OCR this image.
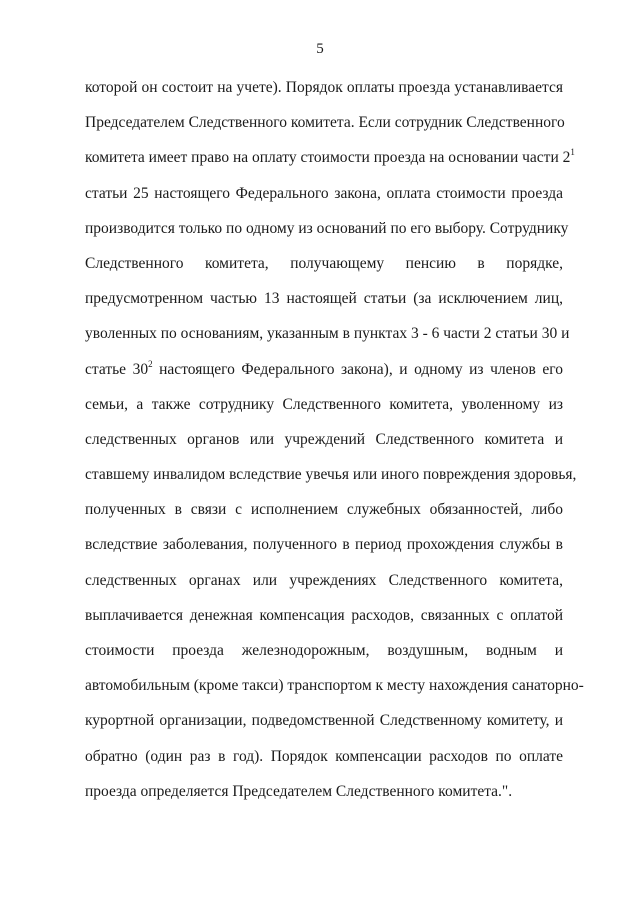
5
которой он состоит на учете). Порядок оплаты проезда устанавливается
Председателем Следственного комитета. Если сотрудник Следственного
комитета имеет право на оплату стоимости проезда на основании части $2^1$
статьи 25 настоящего Федерального закона, оплата стоимости проезда
производится только по одному из оснований по его выбору. Сотруднику
Следственного комитета, получающему пенсию в порядке,
предусмотренном частью 13 настоящей статьи (за исключением лиц,
уволенных по основаниям, указанным в пунктах 3 - 6 части 2 статьи 30 и
статье $30^2$ настоящего Федерального закона), и одному из членов его
семьи, а также сотруднику Следственного комитета, уволенному из
следственных органов или учреждений Следственного комитета и
ставшему инвалидом вследствие увечья или иного повреждения здоровья,
полученных в связи с исполнением служебных обязанностей, либо
вследствие заболевания, полученного в период прохождения службы в
следственных органах или учреждениях Следственного комитета,
выплачивается денежная компенсация расходов, связанных с оплатой
стоимости проезда железнодорожным, воздушным, водным и
автомобильным (кроме такси) транспортом к месту нахождения санаторно-
курортной организации, подведомственной Следственному комитету, и
обратно (один раз в год). Порядок компенсации расходов по оплате
проезда определяется Председателем Следственного комитета.".
